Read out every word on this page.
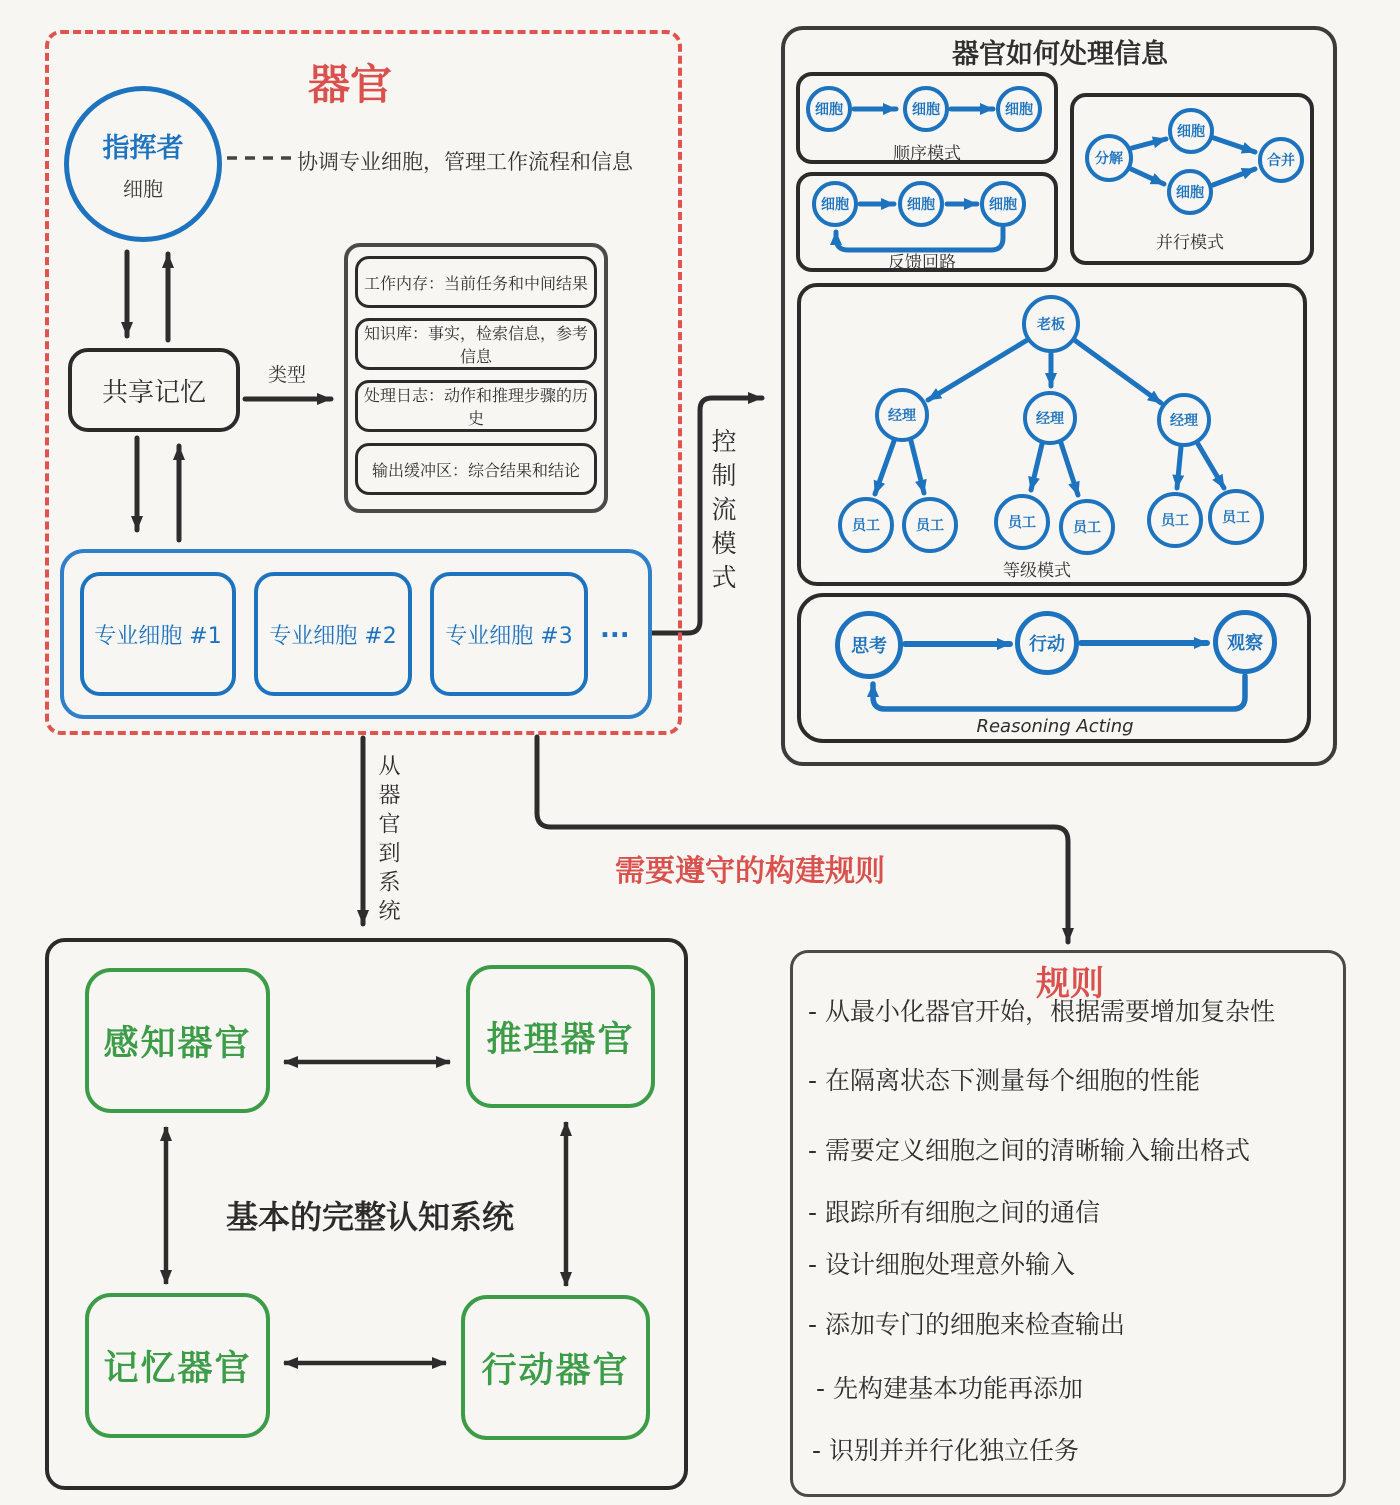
器官
指挥者
细胞
协调专业细胞，管理工作流程和信息
共享记忆
类型
工作内存：当前任务和中间结果
知识库：事实，检索信息，参考信息
处理日志：动作和推理步骤的历史
输出缓冲区：综合结果和结论
专业细胞 #1	专业细胞 #2	专业细胞 #3	...
控制流模式
从器官到系统	需要遵守的构建规则
器官如何处理信息
细胞	细胞	细胞
顺序模式
细胞	细胞	细胞
反馈回路
分解
细胞
细胞
合并
并行模式
老板
经理	经理	经理
员工	员工	员工	员工	员工	员工
等级模式
思考	行动	观察
Reasoning Acting
感知器官	推理器官
记忆器官	行动器官
基本的完整认知系统
规则
- 从最小化器官开始，根据需要增加复杂性
- 在隔离状态下测量每个细胞的性能
- 需要定义细胞之间的清晰输入输出格式
- 跟踪所有细胞之间的通信
- 设计细胞处理意外输入
- 添加专门的细胞来检查输出
- 先构建基本功能再添加
- 识别并并行化独立任务
